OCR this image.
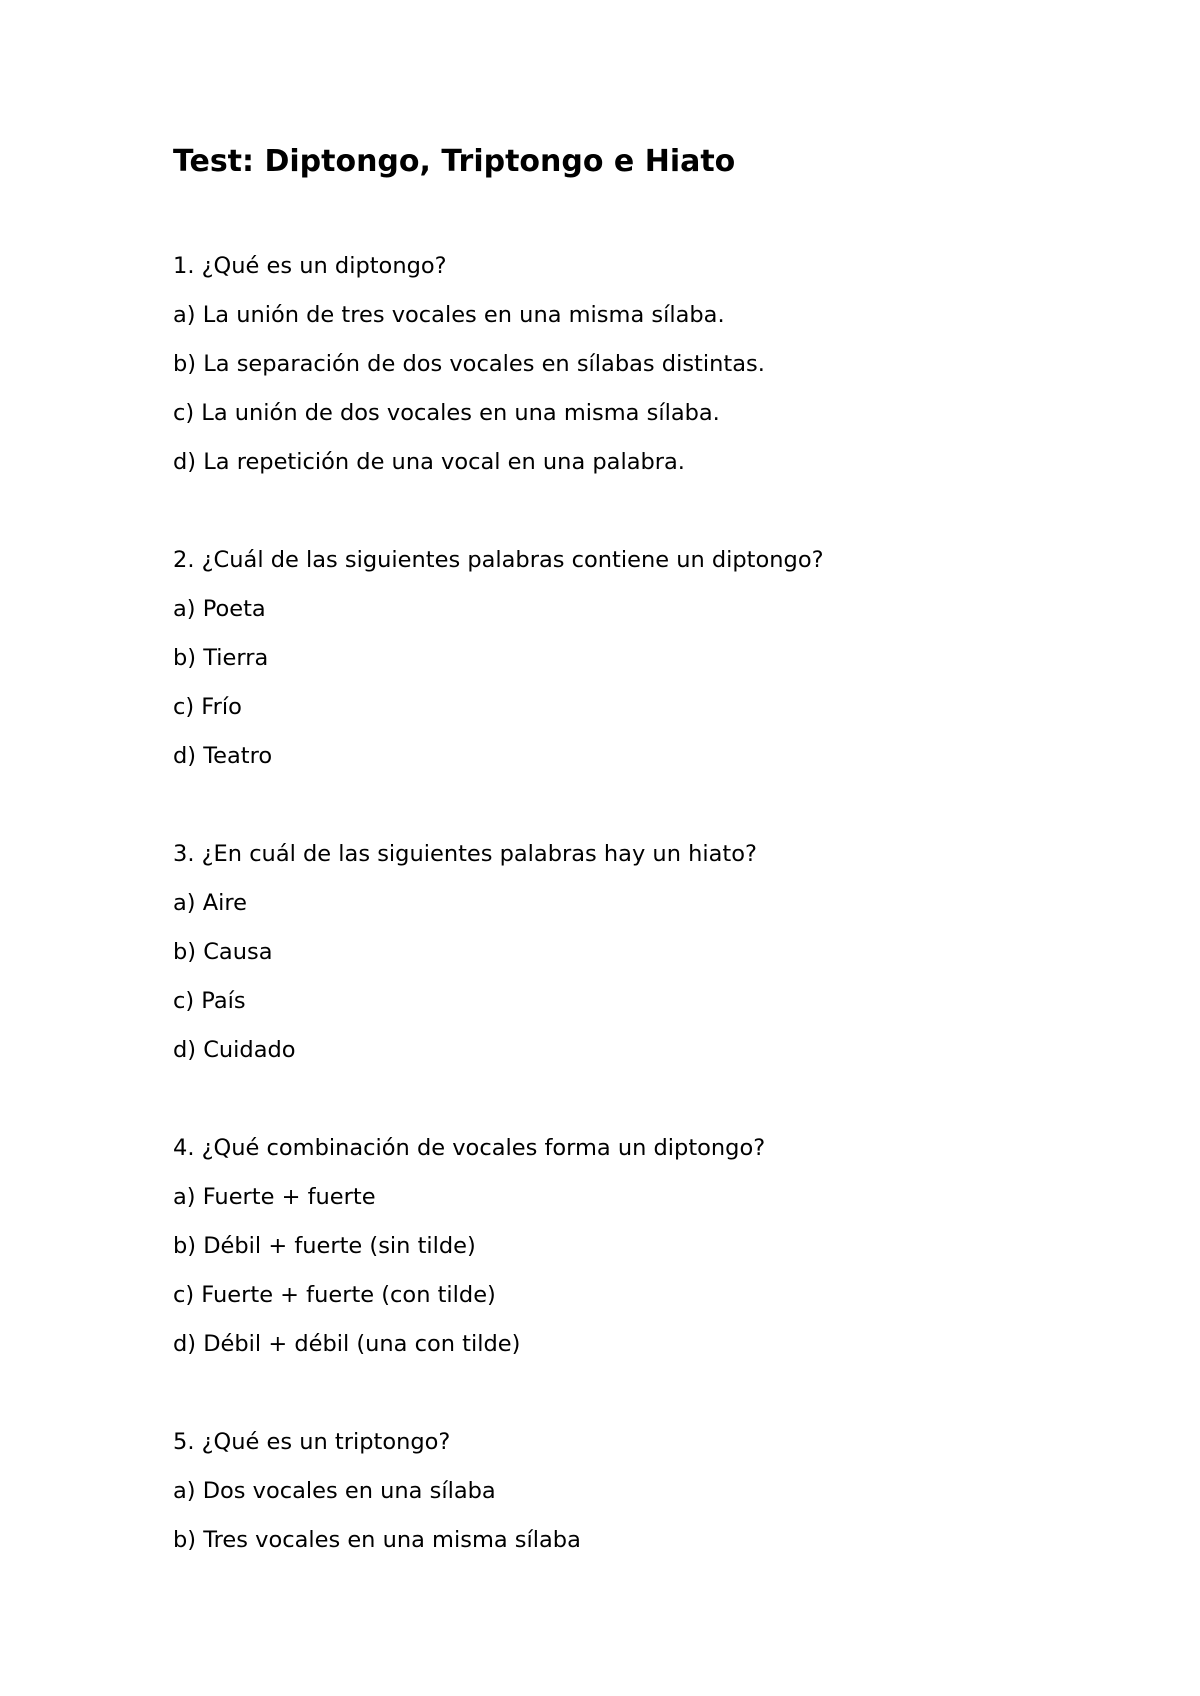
Test: Diptongo, Triptongo e Hiato
1. ¿Qué es un diptongo?
a) La unión de tres vocales en una misma sílaba.
b) La separación de dos vocales en sílabas distintas.
c) La unión de dos vocales en una misma sílaba.
d) La repetición de una vocal en una palabra.
2. ¿Cuál de las siguientes palabras contiene un diptongo?
a) Poeta
b) Tierra
c) Frío
d) Teatro
3. ¿En cuál de las siguientes palabras hay un hiato?
a) Aire
b) Causa
c) País
d) Cuidado
4. ¿Qué combinación de vocales forma un diptongo?
a) Fuerte + fuerte
b) Débil + fuerte (sin tilde)
c) Fuerte + fuerte (con tilde)
d) Débil + débil (una con tilde)
5. ¿Qué es un triptongo?
a) Dos vocales en una sílaba
b) Tres vocales en una misma sílaba
